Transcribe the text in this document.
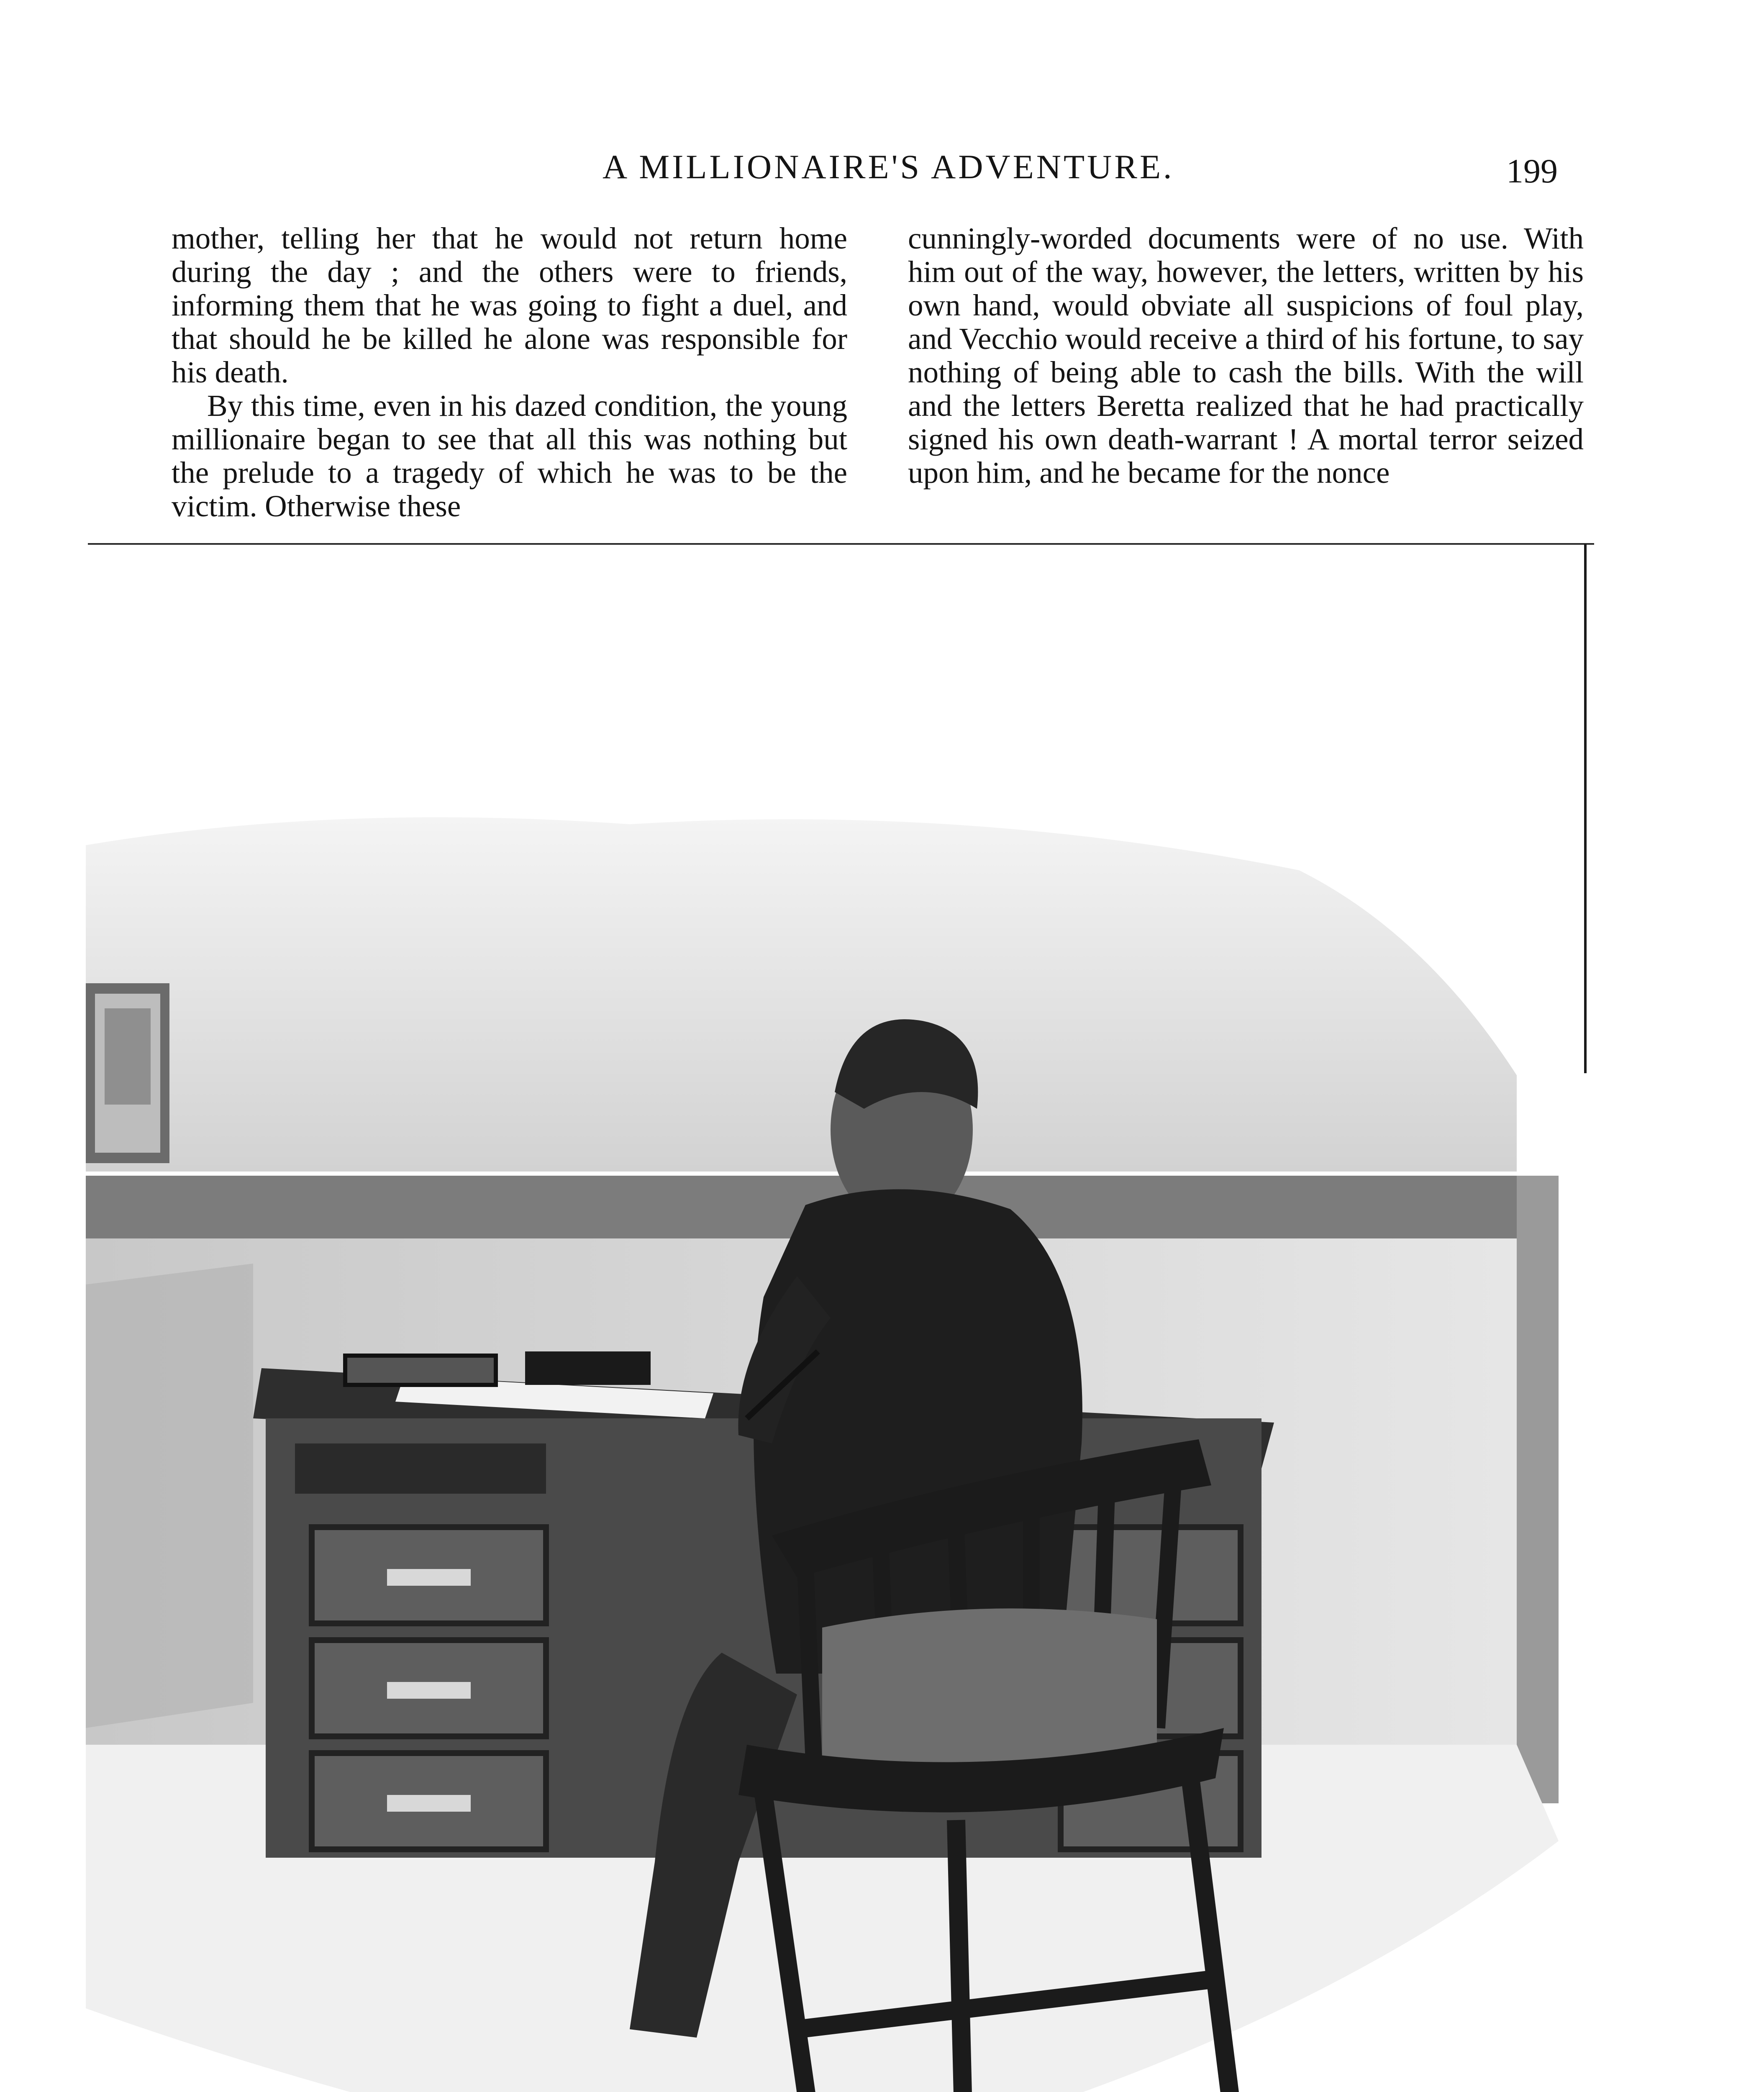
A MILLIONAIRE'S ADVENTURE.	199

mother, telling her that he would not return home during the day ; and the others were to friends, informing them that he was going to fight a duel, and that should he be killed he alone was responsible for his death.

By this time, even in his dazed condition, the young millionaire began to see that all this was nothing but the prelude to a tragedy of which he was to be the victim. Otherwise these

cunningly-worded documents were of no use. With him out of the way, however, the letters, written by his own hand, would obviate all suspicions of foul play, and Vecchio would receive a third of his fortune, to say nothing of being able to cash the bills. With the will and the letters Beretta realized that he had practically signed his own death-warrant ! A mortal terror seized upon him, and he became for the nonce
